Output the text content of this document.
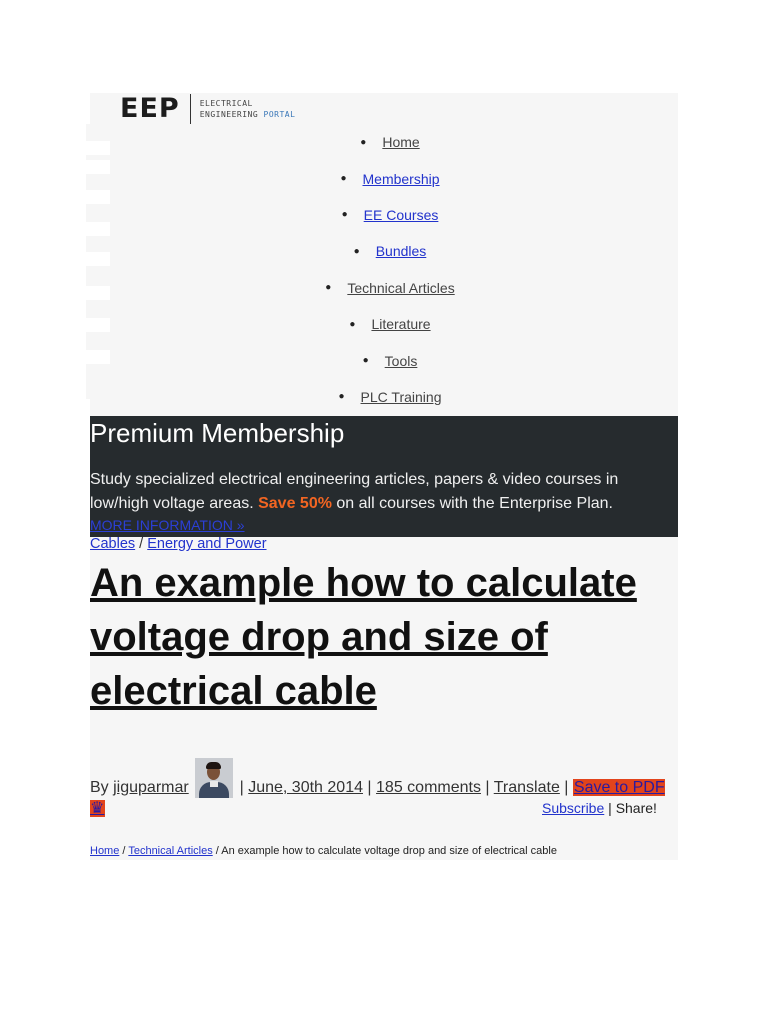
EEP	ELECTRICAL
ENGINEERING PORTAL
●	Home
●	Membership
●	EE Courses
●	Bundles
●	Technical Articles
●	Literature
●	Tools
●	PLC Training
Premium Membership

Study specialized electrical engineering articles, papers & video courses in low/high voltage areas. Save 50% on all courses with the Enterprise Plan.

MORE INFORMATION »
Cables / Energy and Power
An example how to calculate voltage drop and size of electrical cable
By jiguparmar	| June, 30th 2014 | 185 comments | Translate | Save to PDF ♛	Subscribe | Share!
Home / Technical Articles / An example how to calculate voltage drop and size of electrical cable
